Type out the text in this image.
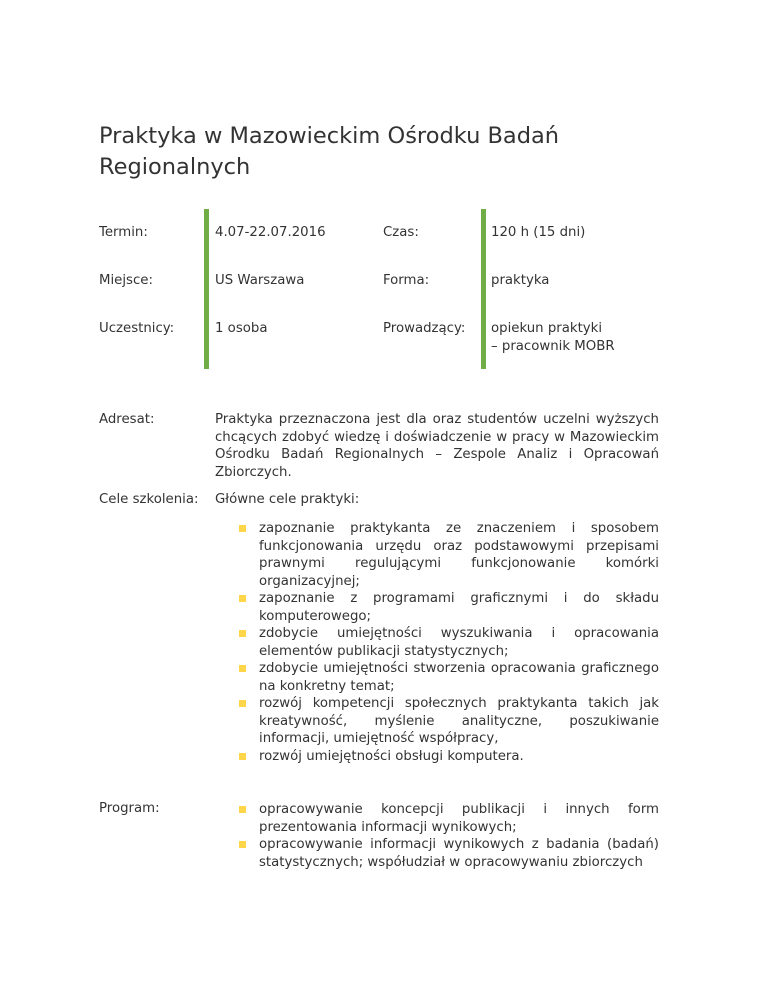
Praktyka w Mazowieckim Ośrodku Badań Regionalnych
Termin:	4.07-22.07.2016	Czas:	120 h (15 dni)
Miejsce:	US Warszawa	Forma:	praktyka
Uczestnicy:	1 osoba	Prowadzący: opiekun praktyki
– pracownik MOBR
Adresat:	Praktyka przeznaczona jest dla oraz studentów uczelni wyższych chcących zdobyć wiedzę i doświadczenie w pracy w Mazowieckim Ośrodku Badań Regionalnych – Zespole Analiz i Opracowań Zbiorczych.

Cele szkolenia: Główne cele praktyki:
zapoznanie praktykanta ze znaczeniem i sposobem funkcjonowania urzędu oraz podstawowymi przepisami prawnymi regulującymi funkcjonowanie komórki organizacyjnej;
zapoznanie z programami graficznymi i do składu komputerowego;
zdobycie umiejętności wyszukiwania i opracowania elementów publikacji statystycznych;
zdobycie umiejętności stworzenia opracowania graficznego na konkretny temat;
rozwój kompetencji społecznych praktykanta takich jak kreatywność, myślenie analityczne, poszukiwanie informacji, umiejętność współpracy,
rozwój umiejętności obsługi komputera.
Program:	opracowywanie koncepcji publikacji i innych form prezentowania informacji wynikowych;
opracowywanie informacji wynikowych z badania (badań) statystycznych; współudział w opracowywaniu zbiorczych
